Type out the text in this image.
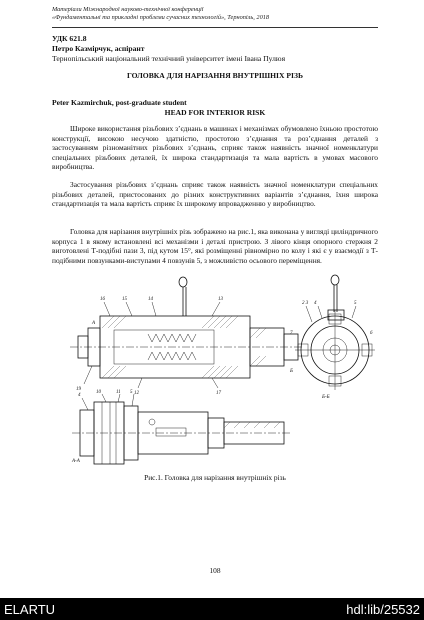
Матеріали Міжнародної науково-технічної конференції
«Фундаментальні та прикладні проблеми сучасних технологій», Тернопіль, 2018
УДК 621.8
Петро Казмірчук, аспірант
Тернопільський національний технічний університет імені Івана Пулюя
ГОЛОВКА ДЛЯ НАРІЗАННЯ ВНУТРІШНІХ РІЗЬ
Peter Kazmirchuk, post-graduate student
HEAD FOR INTERIOR RISK

Широке використання різьбових з’єднань в машинах і механізмах обумовлено їхньою простотою конструкції, високою несучою здатністю, простотою з’єднання та роз’єднання деталей з застосуванням різноманітних різьбових з’єднань, сприяє також наявність значної номенклатури спеціальних різьбових деталей, їх широка стандартизація та мала вартість в умовах масового виробництва.

Застосування різьбових з’єднань сприяє також наявність значної номенклатури спеціальних різьбових деталей, пристосованих до різних конструктивних варіантів з’єднання, їхня широка стандартизація та мала вартість сприяє їх широкому впровадженню у виробництво.

Головка для нарізання внутрішніх різь зображено на рис.1, яка виконана у вигляді циліндричного корпуса 1 в якому встановлені всі механізми і деталі пристрою. З лівого кінця опорного стержня 2 виготовлені Т-подібні пази 3, під кутом 15°, які розміщенні рівномірно по колу і які є у взаємодії з Т-подібними повзунками-виступами 4 повзунів 5, з можливістю осьового переміщення.

16	15	14	13
19
12	17
А
Б
2 3 4	5
7	6
Б-Б
4
10	11 5
А-А
Рис.1. Головка для нарізання внутрішніх різь
108
ELARTU	hdl:lib/25532
